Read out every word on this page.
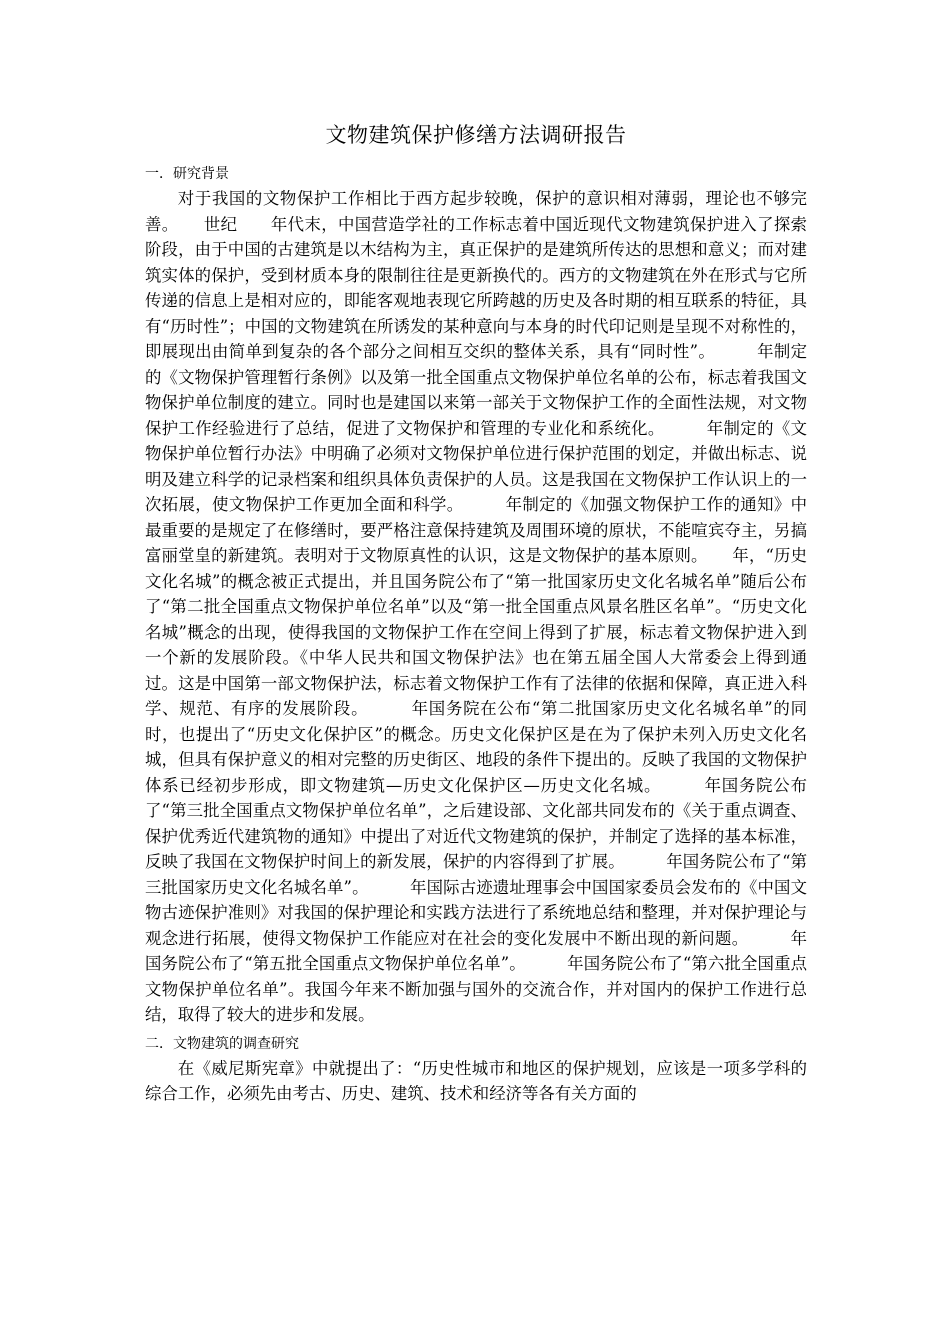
文物建筑保护修缮方法调研报告
一．研究背景

对于我国的文物保护工作相比于西方起步较晚，保护的意识相对薄弱，理论也不够完善。　　世纪　　年代末，中国营造学社的工作标志着中国近现代文物建筑保护进入了探索阶段，由于中国的古建筑是以木结构为主，真正保护的是建筑所传达的思想和意义；而对建筑实体的保护，受到材质本身的限制往往是更新换代的。西方的文物建筑在外在形式与它所传递的信息上是相对应的，即能客观地表现它所跨越的历史及各时期的相互联系的特征，具有“历时性”；中国的文物建筑在所诱发的某种意向与本身的时代印记则是呈现不对称性的，即展现出由简单到复杂的各个部分之间相互交织的整体关系，具有“同时性”。　　　年制定的《文物保护管理暂行条例》以及第一批全国重点文物保护单位名单的公布，标志着我国文物保护单位制度的建立。同时也是建国以来第一部关于文物保护工作的全面性法规，对文物保护工作经验进行了总结，促进了文物保护和管理的专业化和系统化。　　　年制定的《文物保护单位暂行办法》中明确了必须对文物保护单位进行保护范围的划定，并做出标志、说明及建立科学的记录档案和组织具体负责保护的人员。这是我国在文物保护工作认识上的一次拓展，使文物保护工作更加全面和科学。　　　年制定的《加强文物保护工作的通知》中最重要的是规定了在修缮时，要严格注意保持建筑及周围环境的原状，不能喧宾夺主，另搞富丽堂皇的新建筑。表明对于文物原真性的认识，这是文物保护的基本原则。　　年，“历史文化名城”的概念被正式提出，并且国务院公布了“第一批国家历史文化名城名单”随后公布了“第二批全国重点文物保护单位名单”以及“第一批全国重点风景名胜区名单”。“历史文化名城”概念的出现，使得我国的文物保护工作在空间上得到了扩展，标志着文物保护进入到一个新的发展阶段。《中华人民共和国文物保护法》也在第五届全国人大常委会上得到通过。这是中国第一部文物保护法，标志着文物保护工作有了法律的依据和保障，真正进入科学、规范、有序的发展阶段。　　　年国务院在公布“第二批国家历史文化名城名单”的同时，也提出了“历史文化保护区”的概念。历史文化保护区是在为了保护未列入历史文化名城，但具有保护意义的相对完整的历史街区、地段的条件下提出的。反映了我国的文物保护体系已经初步形成，即文物建筑—历史文化保护区—历史文化名城。　　　年国务院公布了“第三批全国重点文物保护单位名单”，之后建设部、文化部共同发布的《关于重点调查、保护优秀近代建筑物的通知》中提出了对近代文物建筑的保护，并制定了选择的基本标准，反映了我国在文物保护时间上的新发展，保护的内容得到了扩展。　　　年国务院公布了“第三批国家历史文化名城名单”。　　　年国际古迹遗址理事会中国国家委员会发布的《中国文物古迹保护准则》对我国的保护理论和实践方法进行了系统地总结和整理，并对保护理论与观念进行拓展，使得文物保护工作能应对在社会的变化发展中不断出现的新问题。　　　年国务院公布了“第五批全国重点文物保护单位名单”。　　　年国务院公布了“第六批全国重点文物保护单位名单”。我国今年来不断加强与国外的交流合作，并对国内的保护工作进行总结，取得了较大的进步和发展。

二．文物建筑的调查研究

在《威尼斯宪章》中就提出了：“历史性城市和地区的保护规划，应该是一项多学科的综合工作，必须先由考古、历史、建筑、技术和经济等各有关方面的
